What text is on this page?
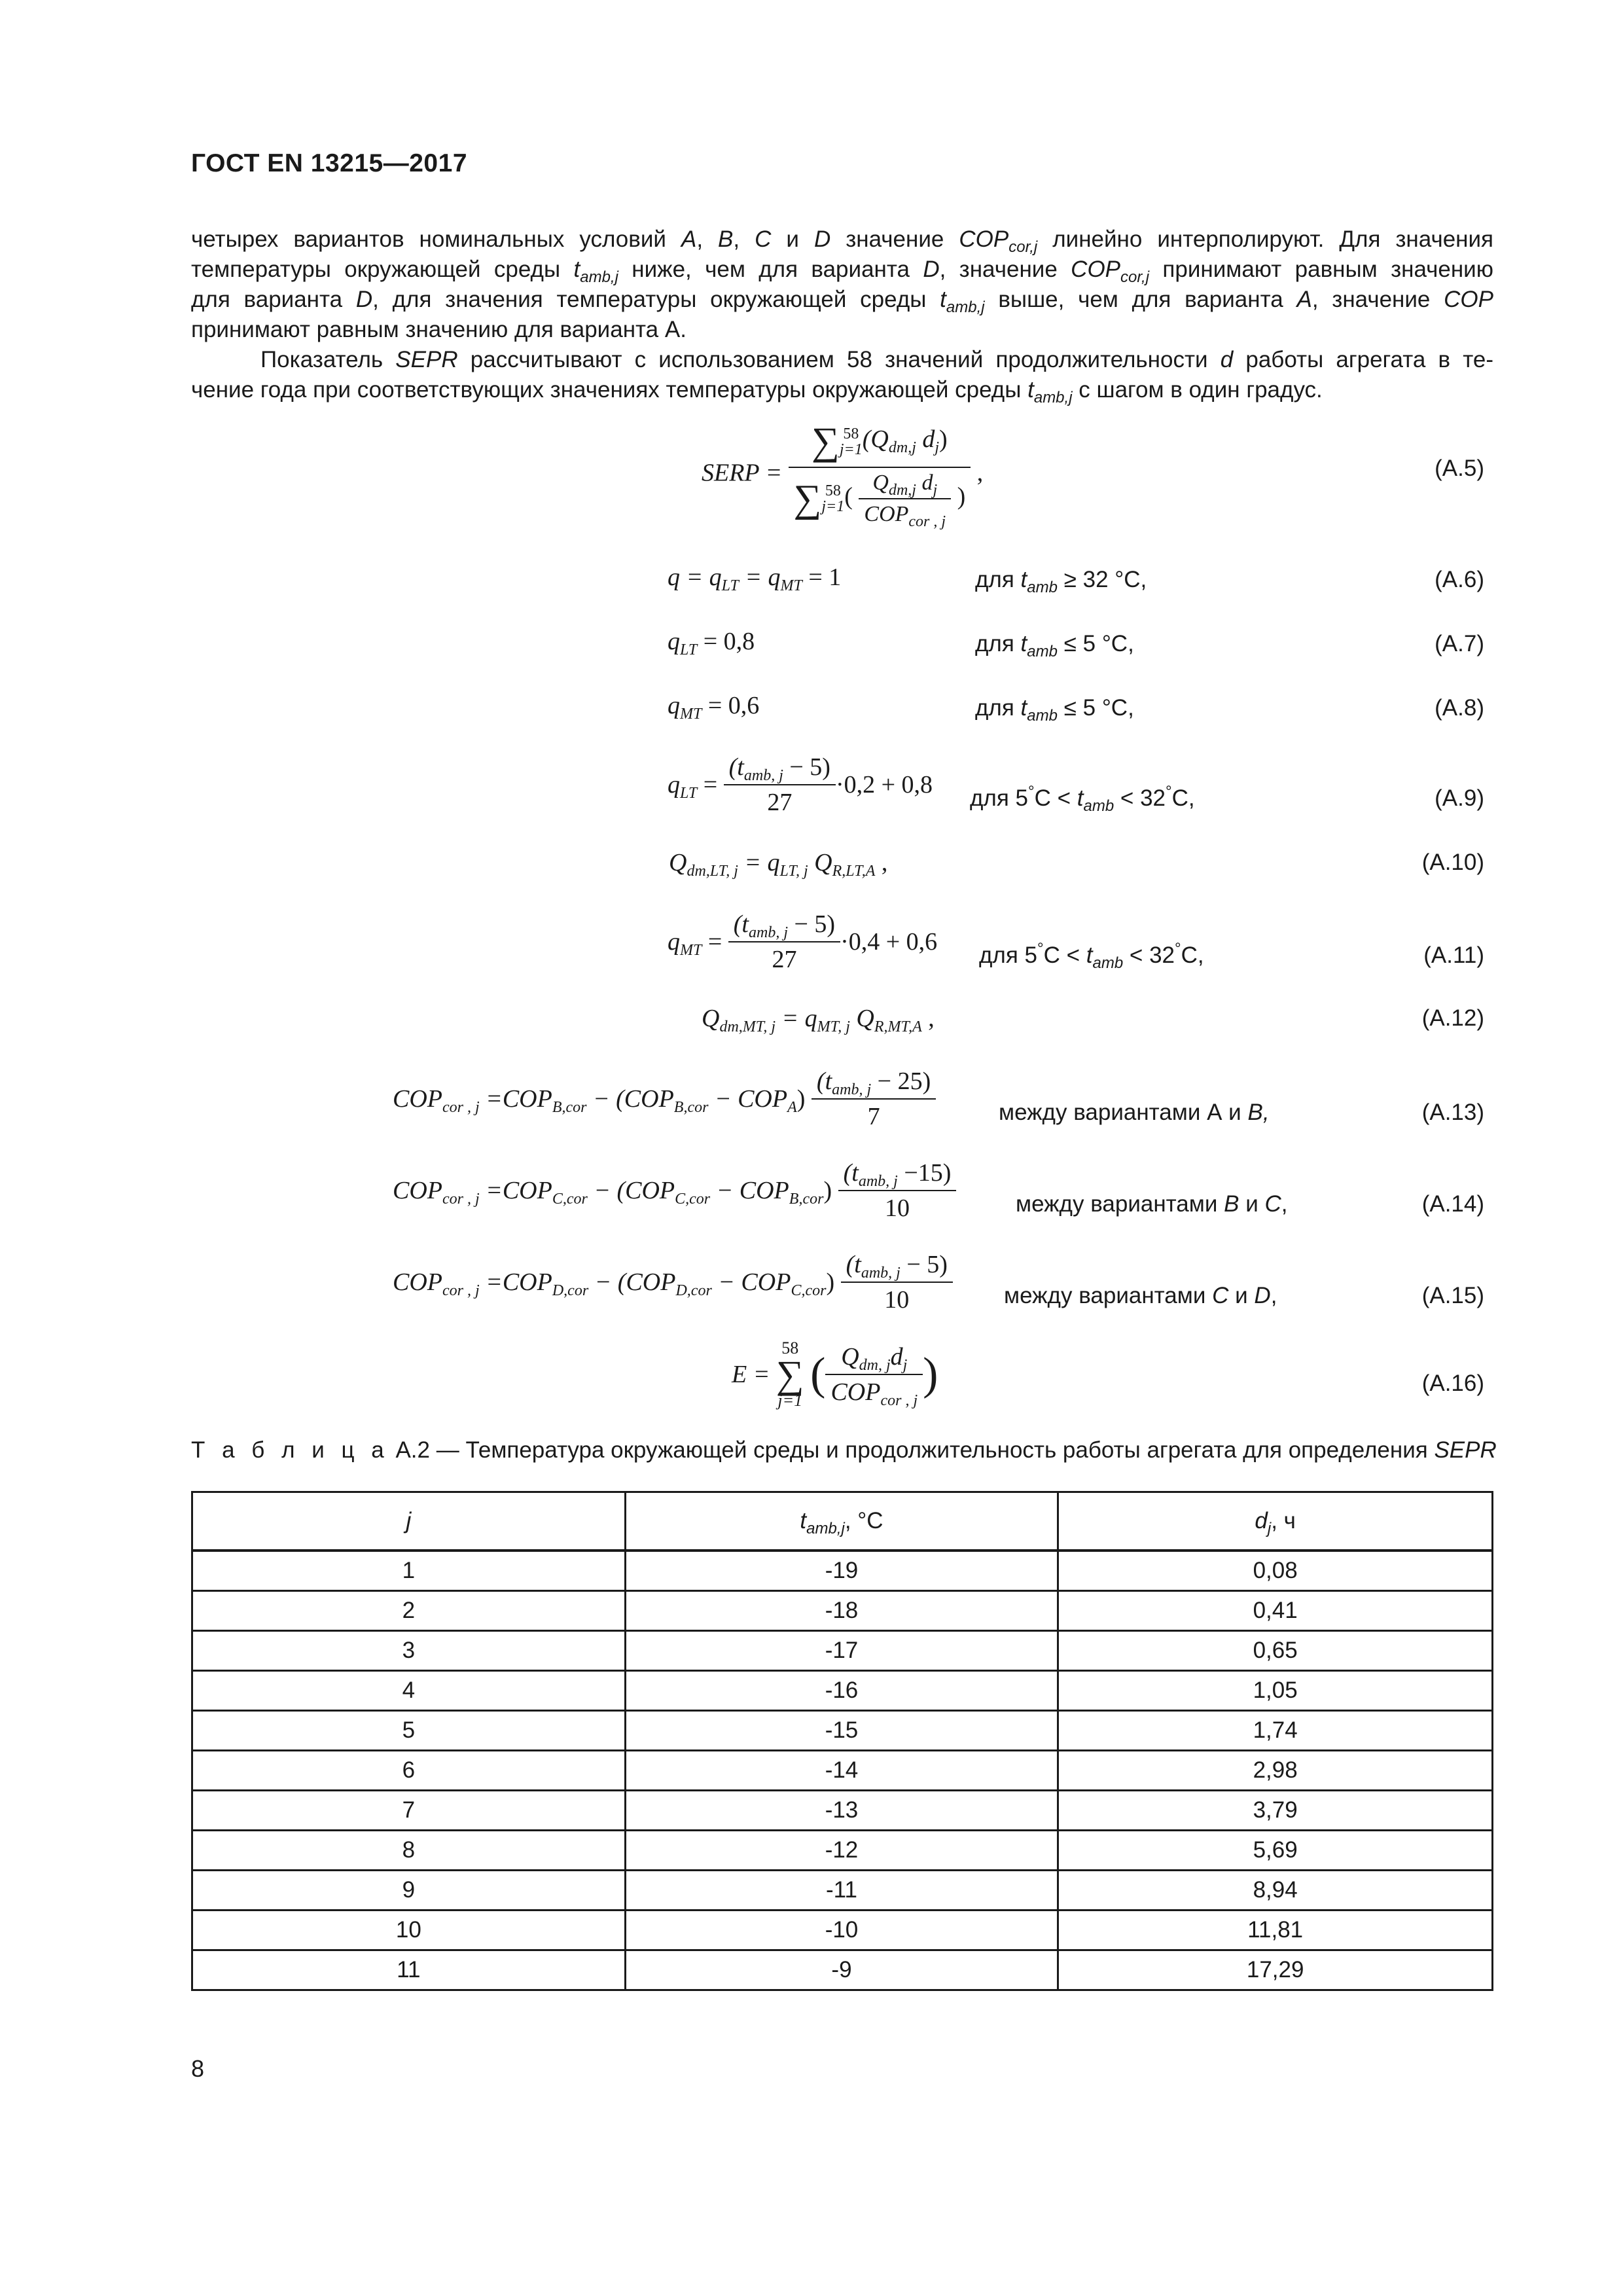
ГОСТ EN 13215—2017
четырех вариантов номинальных условий A, B, C и D значение $COP_{cor,j}$ линейно интерполируют. Для значения
температуры окружающей среды $t_{amb,j}$ ниже, чем для варианта D, значение $COP_{cor,j}$ принимают равным значению
для варианта D, для значения температуры окружающей среды $t_{amb,j}$ выше, чем для варианта A, значение COP
принимают равным значению для варианта А.
Показатель SEPR рассчитывают с использованием 58 значений продолжительности d работы агрегата в те-
чение года при соответствующих значениях температуры окружающей среды $t_{amb,j}$ с шагом в один градус.
SERP =
∑ 58
$j=1(Q_{dm,j}$ $d_j$)
∑ 58
$j=1( \frac{Q_{dm,j} d_j}{COP_{cor , j}}$ )
,	(A.5)
$q = q_{LT} = q_{MT} = 1$	для $t_{amb} \ge 32$ °C,	(A.6)
$q_{LT} = 0,8$	для $t_{amb} \le 5$ °C,	(A.7)
$q_{MT} = 0,6$	для $t_{amb} \le 5$ °C,	(A.8)
$q_{LT} = \frac{(t_{amb, j} - 5)}{27} \cdot 0,2 + 0,8$ для $5^\circ C < t_{amb} < 32^\circ C$,	(A.9)
$Q_{dm,LT, j} = q_{LT, j}$ $Q_{R,LT,A}$ ,	(A.10)
$q_{MT} = \frac{(t_{amb, j} - 5)}{27} \cdot 0,4 + 0,6$ для $5^\circ C < t_{amb} < 32^\circ C$,	(A.11)
$Q_{dm,MT, j} = q_{MT, j}$ $Q_{R,MT,A}$ ,	(A.12)
$COP_{cor , j} =COP_{B,cor} - (COP_{B,cor} - COP_A) \frac{(t_{amb, j} - 25)}{7}$	между вариантами А и B,	(A.13)
$COP_{cor , j} =COP_{C,cor} - (COP_{C,cor} - COP_{B,cor}) \frac{(t_{amb, j} -15)}{10}$	между вариантами B и C,	(A.14)
$COP_{cor , j} =COP_{D,cor} - (COP_{D,cor} - COP_{C,cor}) \frac{(t_{amb, j} - 5)}{10}$ между вариантами C и D,	(A.15)
E = 58
∑
j=1 ( $\frac{Q_{dm, j}d_j}{COP_{cor , j}}$ )	(A.16)
Т а б л и ц а А.2 — Температура окружающей среды и продолжительность работы агрегата для определения SEPR
j	$t_{amb,j}$, °C	$d_j$, ч
1	-19	0,08
2	-18	0,41
3	-17	0,65
4	-16	1,05
5	-15	1,74
6	-14	2,98
7	-13	3,79
8	-12	5,69
9	-11	8,94
10	-10	11,81
11	-9	17,29
8
